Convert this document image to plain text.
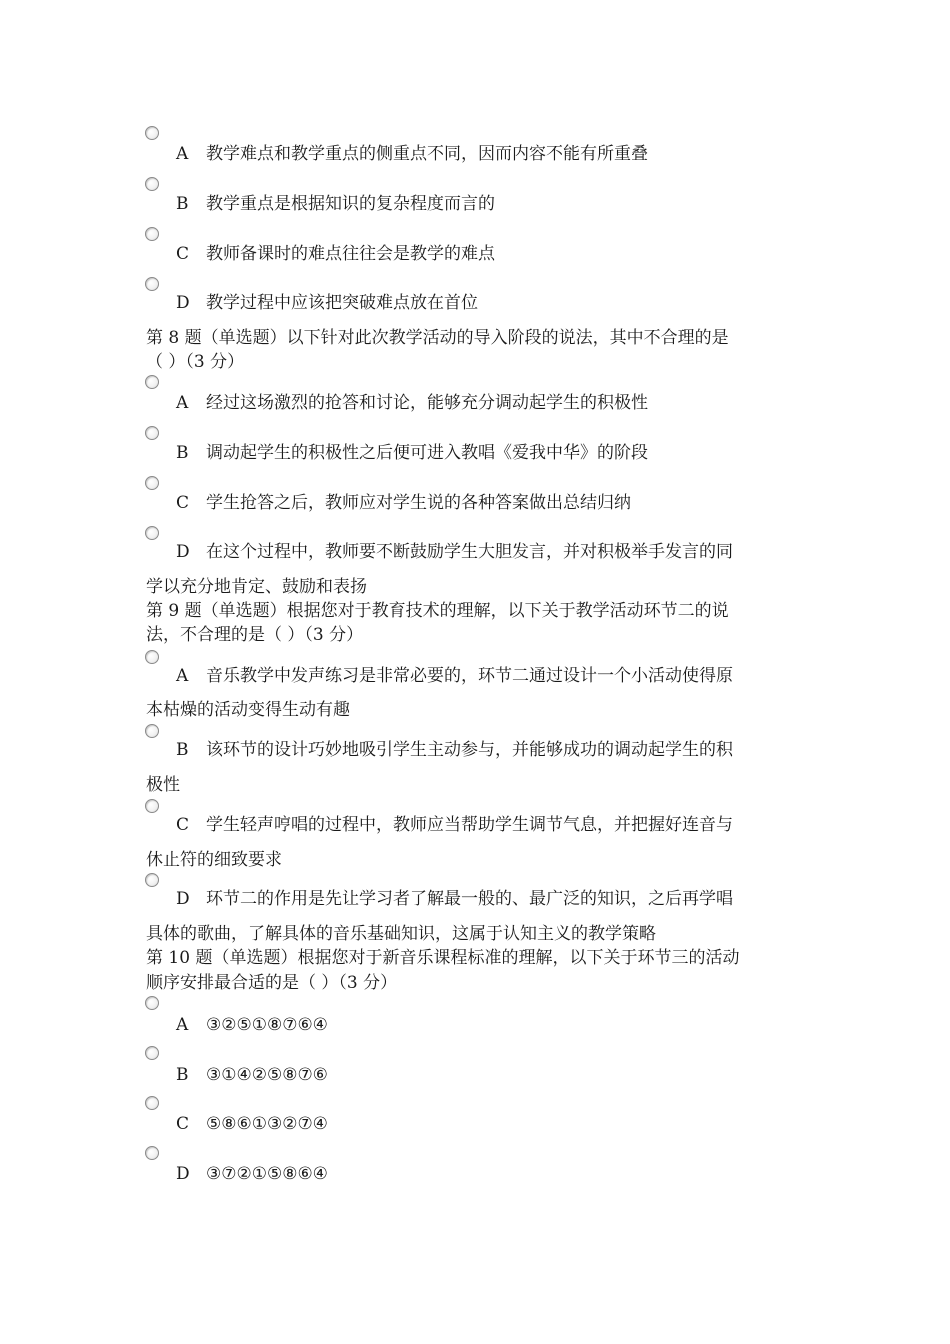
A 教学难点和教学重点的侧重点不同，因而内容不能有所重叠
B 教学重点是根据知识的复杂程度而言的
C 教师备课时的难点往往会是教学的难点
D 教学过程中应该把突破难点放在首位
第 8 题（单选题）以下针对此次教学活动的导入阶段的说法，其中不合理的是
（ ）（3 分）
A 经过这场激烈的抢答和讨论，能够充分调动起学生的积极性
B 调动起学生的积极性之后便可进入教唱《爱我中华》的阶段
C 学生抢答之后，教师应对学生说的各种答案做出总结归纳
D 在这个过程中，教师要不断鼓励学生大胆发言，并对积极举手发言的同
学以充分地肯定、鼓励和表扬
第 9 题（单选题）根据您对于教育技术的理解，以下关于教学活动环节二的说
法，不合理的是（ ）（3 分）
A 音乐教学中发声练习是非常必要的，环节二通过设计一个小活动使得原
本枯燥的活动变得生动有趣
B 该环节的设计巧妙地吸引学生主动参与，并能够成功的调动起学生的积
极性
C 学生轻声哼唱的过程中，教师应当帮助学生调节气息，并把握好连音与
休止符的细致要求
D 环节二的作用是先让学习者了解最一般的、最广泛的知识，之后再学唱
具体的歌曲，了解具体的音乐基础知识，这属于认知主义的教学策略
第 10 题（单选题）根据您对于新音乐课程标准的理解，以下关于环节三的活动
顺序安排最合适的是（ ）（3 分）
A ③②⑤①⑧⑦⑥④
B ③①④②⑤⑧⑦⑥
C ⑤⑧⑥①③②⑦④
D ③⑦②①⑤⑧⑥④
